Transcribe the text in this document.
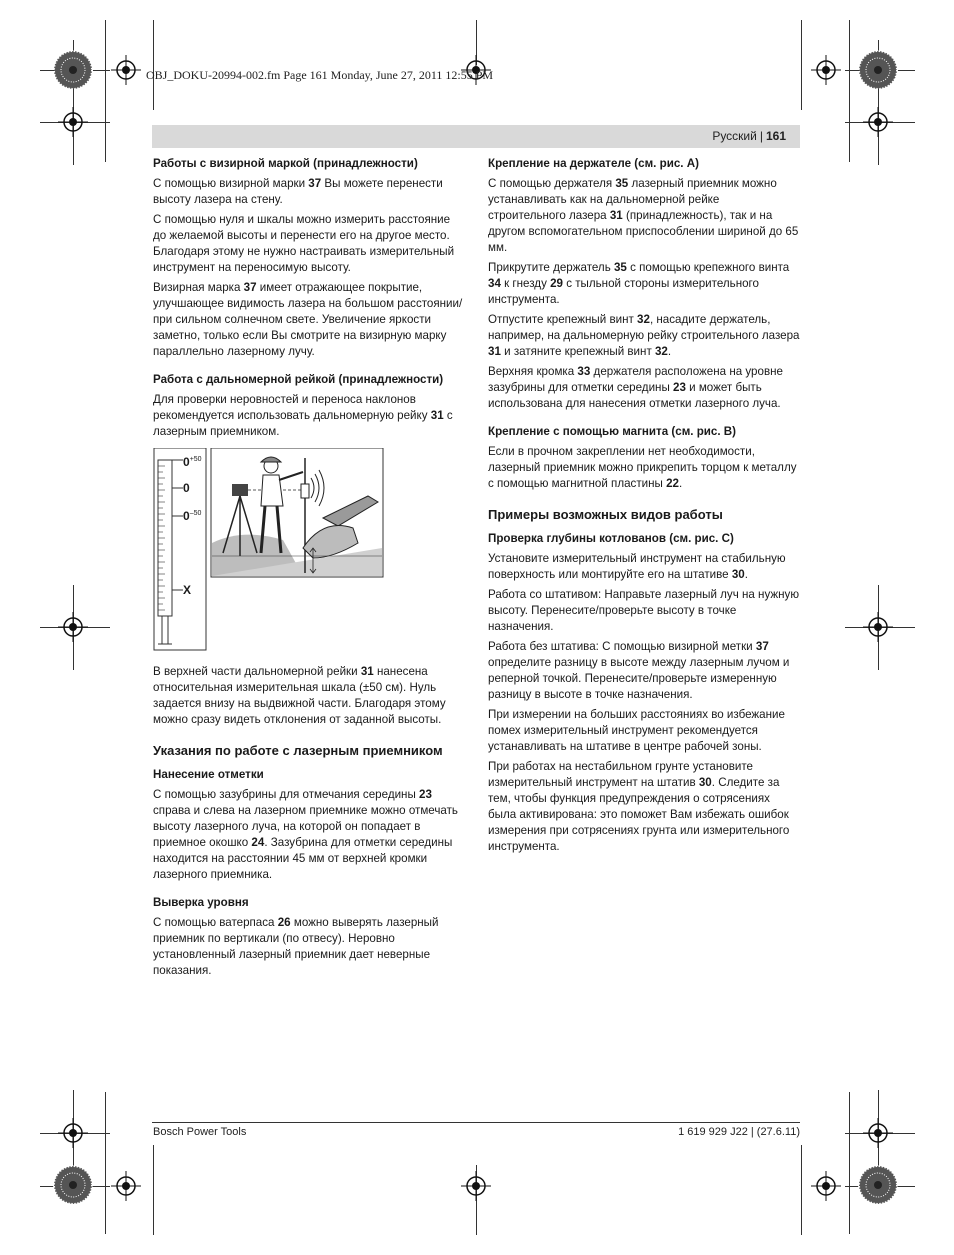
OBJ_DOKU-20994-002.fm Page 161 Monday, June 27, 2011 12:55 PM
Русский | 161
Работы с визирной маркой (принадлежности)

С помощью визирной марки 37 Вы можете перенести высоту лазера на стену.

С помощью нуля и шкалы можно измерить расстояние до желаемой высоты и перенести его на другое место. Благодаря этому не нужно настраивать измерительный инструмент на переносимую высоту.

Визирная марка 37 имеет отражающее покрытие, улучшающее видимость лазера на большом расстоянии/при сильном солнечном свете. Увеличение яркости заметно, только если Вы смотрите на визирную марку параллельно лазерному лучу.

Работа с дальномерной рейкой (принадлежности)

Для проверки неровностей и переноса наклонов рекомендуется использовать дальномерную рейку 31 с лазерным приемником.

$0^{+50}$
0
$0^{-50}$
X

В верхней части дальномерной рейки 31 нанесена относительная измерительная шкала (±50 см). Нуль задается внизу на выдвижной части. Благодаря этому можно сразу видеть отклонения от заданной высоты.

Указания по работе с лазерным приемником
Нанесение отметки

С помощью зазубрины для отмечания середины 23 справа и слева на лазерном приемнике можно отмечать высоту лазерного луча, на которой он попадает в приемное окошко 24. Зазубрина для отметки середины находится на расстоянии 45 мм от верхней кромки лазерного приемника.

Выверка уровня

С помощью ватерпаса 26 можно выверять лазерный приемник по вертикали (по отвесу). Неровно установленный лазерный приемник дает неверные показания.

Крепление на держателе (см. рис. A)

С помощью держателя 35 лазерный приемник можно устанавливать как на дальномерной рейке строительного лазера 31 (принадлежность), так и на другом вспомогательном приспособлении шириной до 65 мм.

Прикрутите держатель 35 с помощью крепежного винта 34 к гнезду 29 с тыльной стороны измерительного инструмента.

Отпустите крепежный винт 32, насадите держатель, например, на дальномерную рейку строительного лазера 31 и затяните крепежный винт 32.

Верхняя кромка 33 держателя расположена на уровне зазубрины для отметки середины 23 и может быть использована для нанесения отметки лазерного луча.

Крепление с помощью магнита (см. рис. B)

Если в прочном закреплении нет необходимости, лазерный приемник можно прикрепить торцом к металлу с помощью магнитной пластины 22.

Примеры возможных видов работы
Проверка глубины котлованов (см. рис. C)

Установите измерительный инструмент на стабильную поверхность или монтируйте его на штативе 30.

Работа со штативом: Направьте лазерный луч на нужную высоту. Перенесите/проверьте высоту в точке назначения.

Работа без штатива: С помощью визирной метки 37 определите разницу в высоте между лазерным лучом и реперной точкой. Перенесите/проверьте измеренную разницу в высоте в точке назначения.

При измерении на больших расстояниях во избежание помех измерительный инструмент рекомендуется устанавливать на штативе в центре рабочей зоны.

При работах на нестабильном грунте установите измерительный инструмент на штатив 30. Следите за тем, чтобы функция предупреждения о сотрясениях была активирована: это поможет Вам избежать ошибок измерения при сотрясениях грунта или измерительного инструмента.

Bosch Power Tools	1 619 929 J22 | (27.6.11)
